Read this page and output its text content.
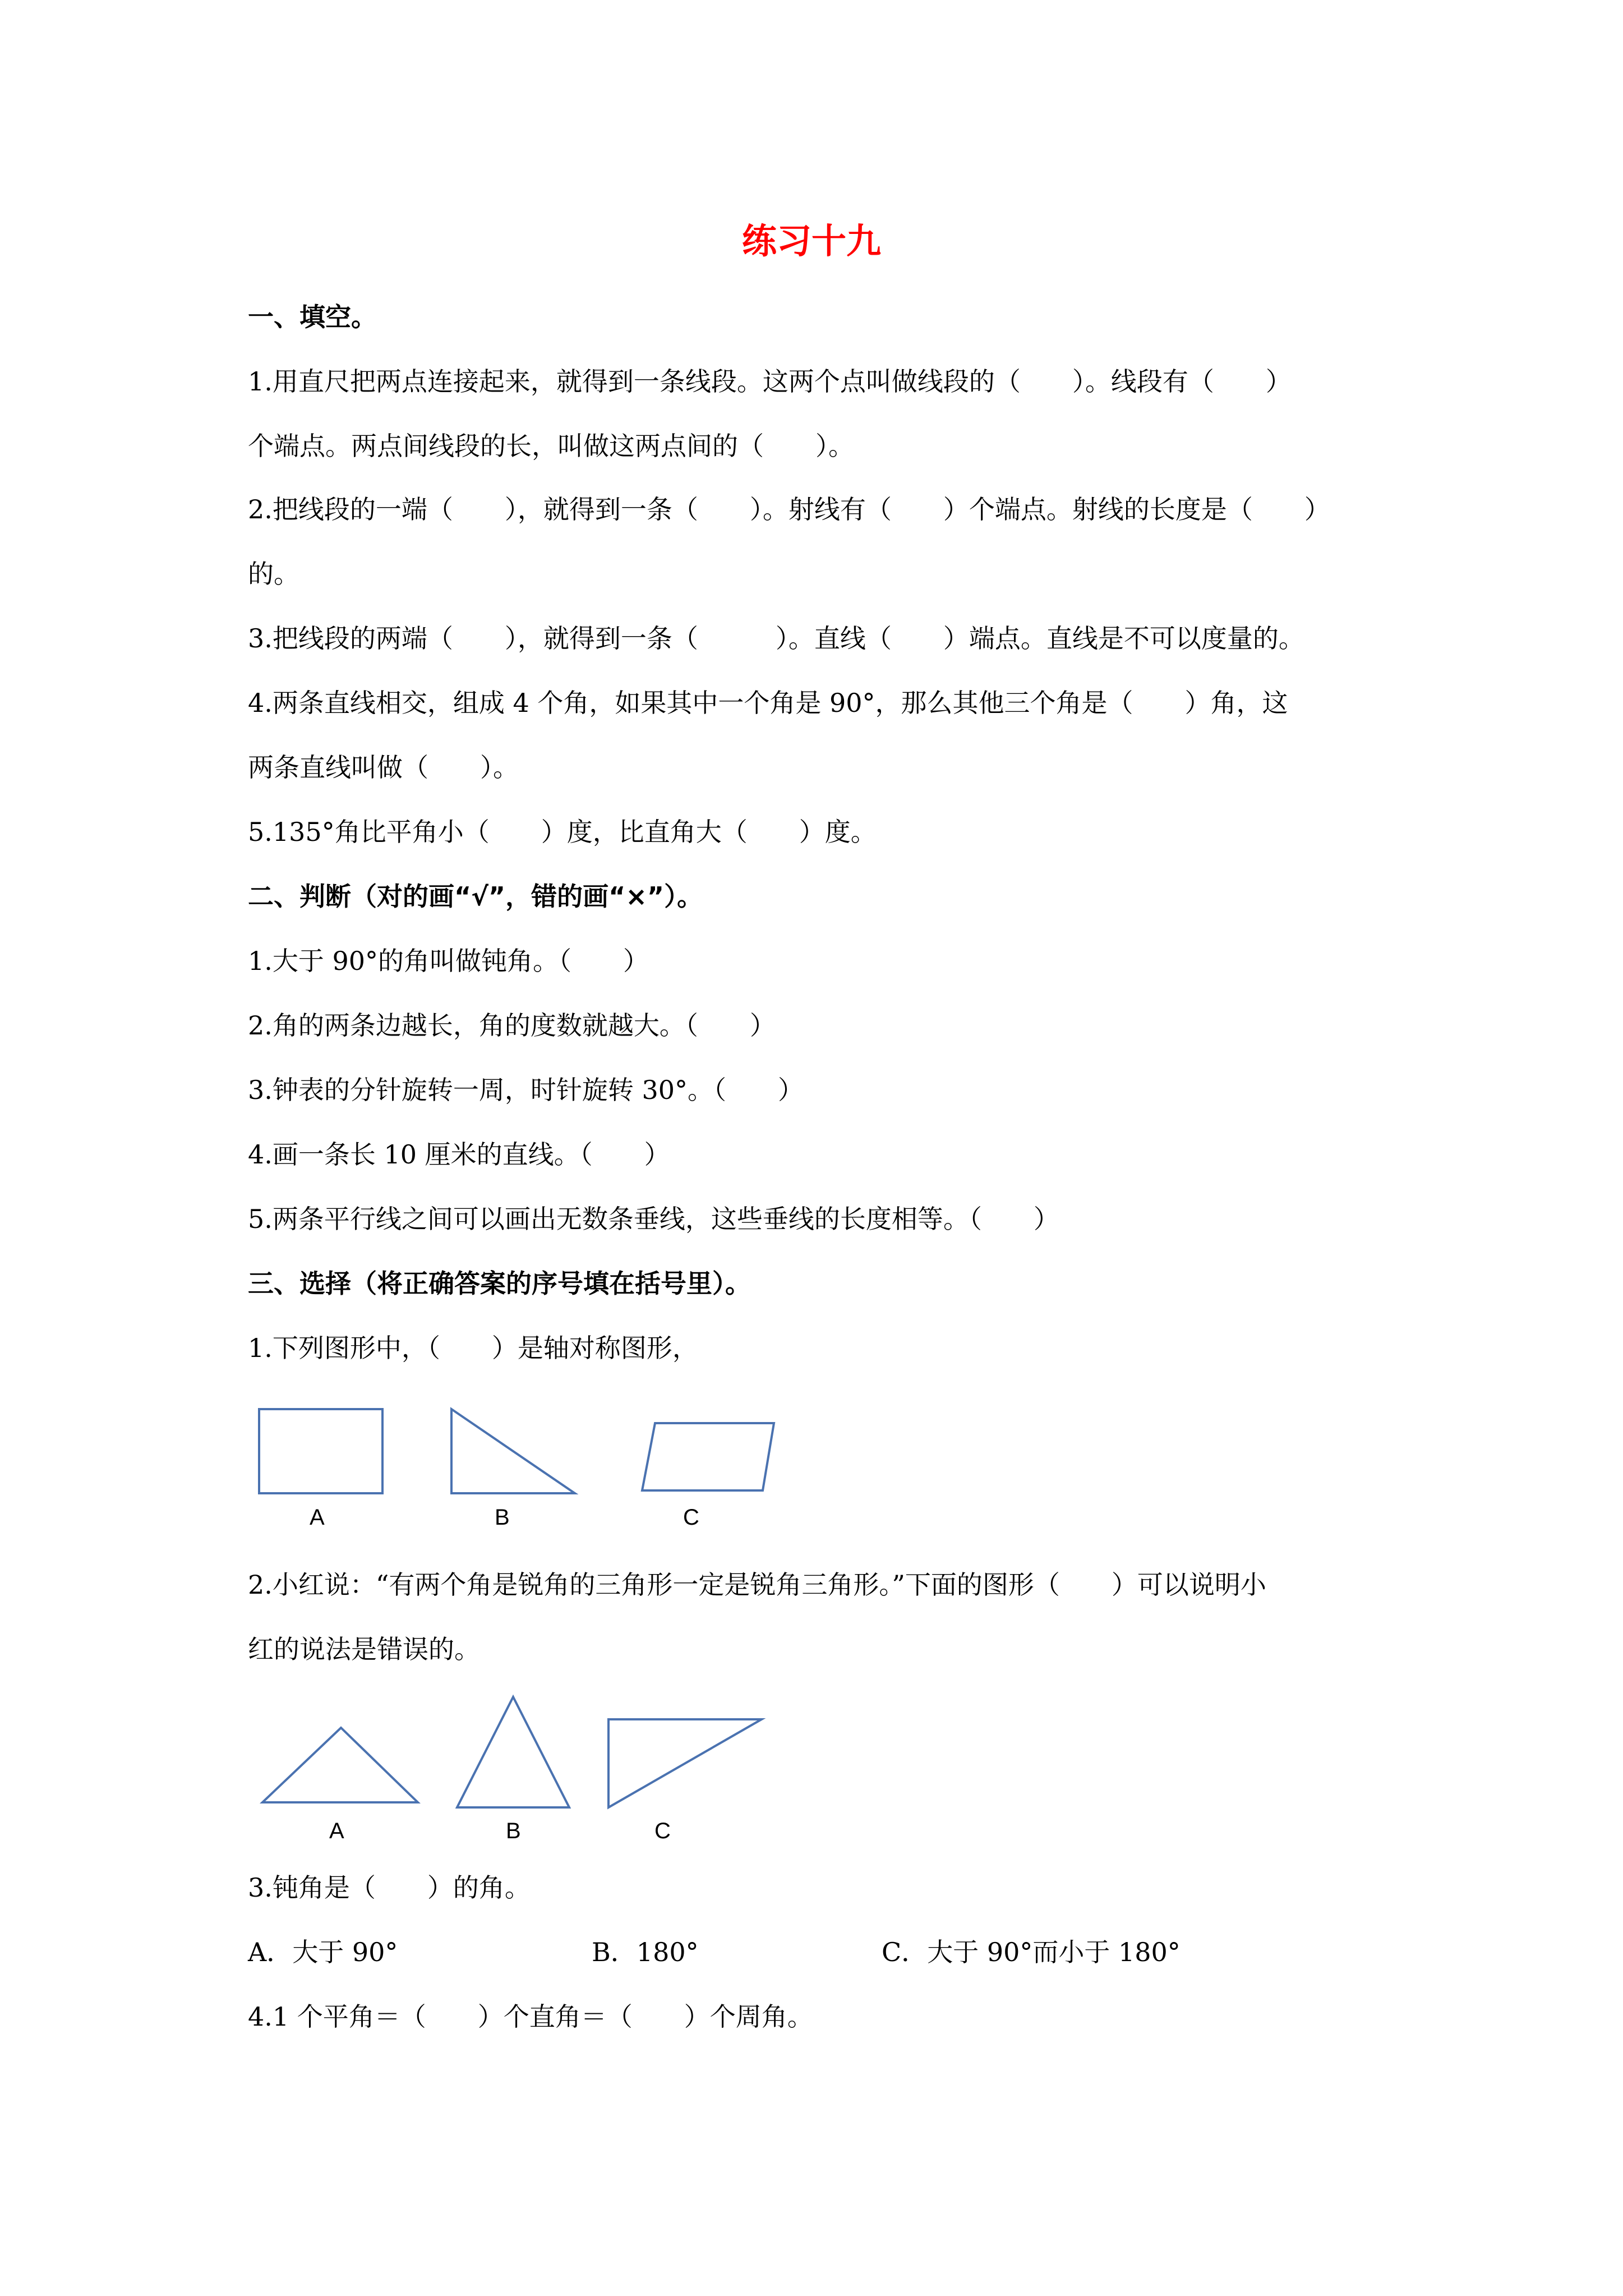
练习十九
一、填空。
1.用直尺把两点连接起来，就得到一条线段。这两个点叫做线段的（　　）。线段有（　　）
个端点。两点间线段的长，叫做这两点间的（　　）。
2.把线段的一端（　　），就得到一条（　　）。射线有（　　）个端点。射线的长度是（　　）
的。
3.把线段的两端（　　），就得到一条（　　　）。直线（　　）端点。直线是不可以度量的。
4.两条直线相交，组成 4 个角，如果其中一个角是 90°，那么其他三个角是（　　）角，这
两条直线叫做（　　）。
5.135°角比平角小（　　）度，比直角大（　　）度。
二、判断（对的画“√”，错的画“×”）。
1.大于 90°的角叫做钝角。（　　）
2.角的两条边越长，角的度数就越大。（　　）
3.钟表的分针旋转一周，时针旋转 30°。（　　）
4.画一条长 10 厘米的直线。（　　）
5.两条平行线之间可以画出无数条垂线，这些垂线的长度相等。（　　）
三、选择（将正确答案的序号填在括号里）。
1.下列图形中，（　　）是轴对称图形，
A	B	C
2.小红说：“有两个角是锐角的三角形一定是锐角三角形。”下面的图形（　　）可以说明小
红的说法是错误的。
A	B	C
3.钝角是（　　）的角。
A．大于 90°	B．180°	C．大于 90°而小于 180°
4.1 个平角＝（　　）个直角＝（　　）个周角。
